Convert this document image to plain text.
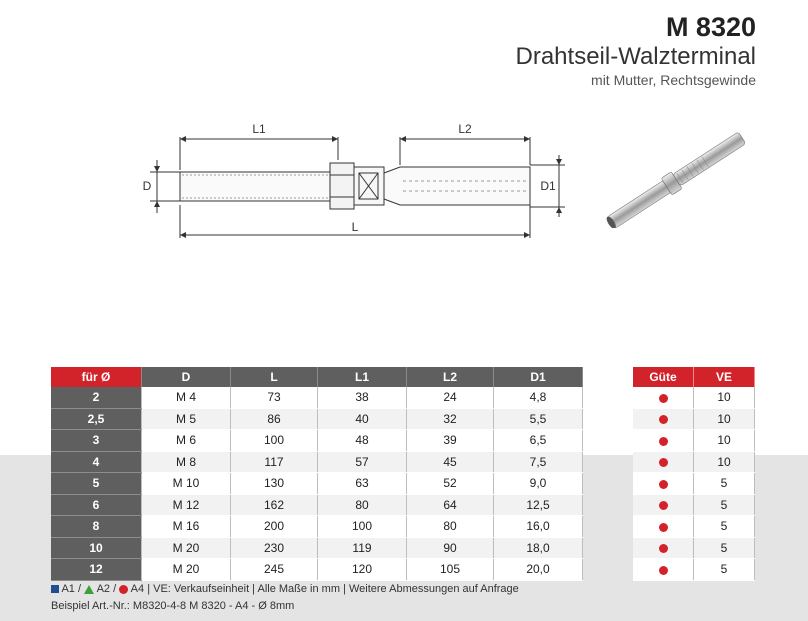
M 8320
Drahtseil-Walzterminal
mit Mutter, Rechtsgewinde
L1	L2
L
D	D1
für Ø	D	L	L1	L2	D1
2	M 4	73	38	24	4,8
2,5	M 5	86	40	32	5,5
3	M 6	100	48	39	6,5
4	M 8	117	57	45	7,5
5	M 10	130	63	52	9,0
6	M 12	162	80	64	12,5
8	M 16	200	100	80	16,0
10	M 20	230	119	90	18,0
12	M 20	245	120	105	20,0
Güte	VE
	10
	10
	10
	10
	5
	5
	5
	5
	5
A1 / A2 / A4 | VE: Verkaufseinheit | Alle Maße in mm | Weitere Abmessungen auf Anfrage
Beispiel Art.-Nr.: M8320-4-8 M 8320 - A4 - Ø 8mm
